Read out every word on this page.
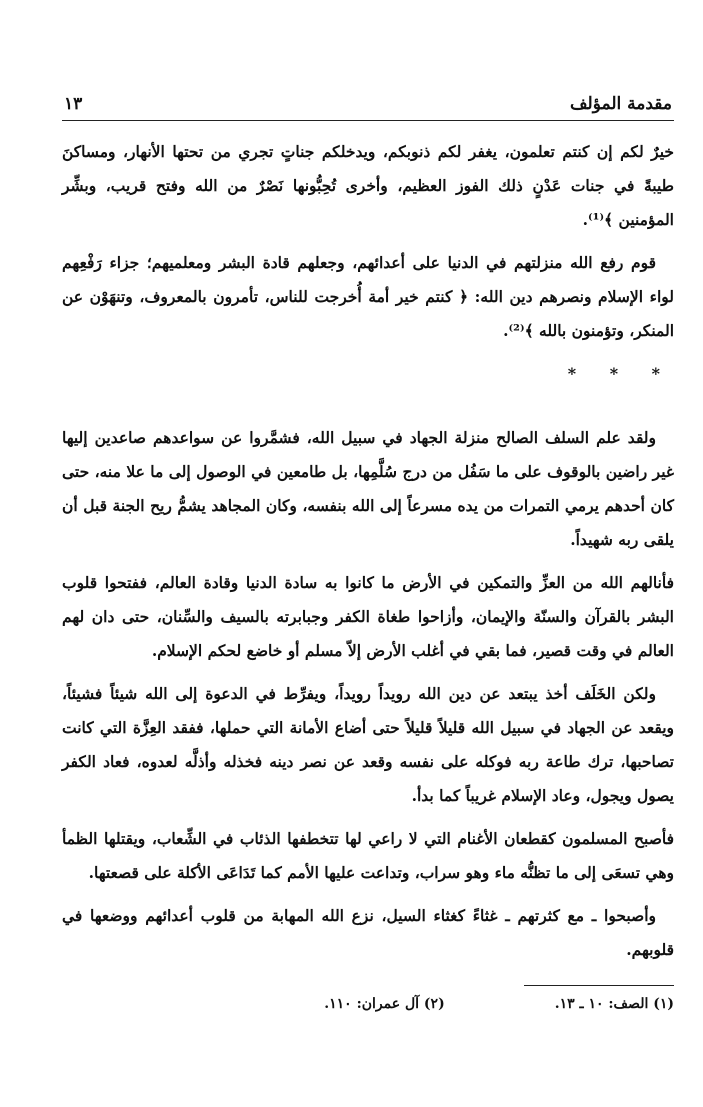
مقدمة المؤلف
١٣

خيرٌ لكم إن كنتم تعلمون، يغفر لكم ذنوبكم، ويدخلكم جناتٍ تجري من تحتها الأنهار، ومساكنَ طيبةً في جنات عَدْنٍ ذلك الفوز العظيم، وأخرى تُحِبُّونها نَصْرٌ من الله وفتح قريب، وبشِّر المؤمنين ﴾⁽¹⁾.

قوم رفع الله منزلتهم في الدنيا على أعدائهم، وجعلهم قادة البشر ومعلميهم؛ جزاء رَفْعِهم لواء الإسلام ونصرهم دين الله: ﴿ كنتم خير أمة أُخرجت للناس، تأمرون بالمعروف، وتنهَوْن عن المنكر، وتؤمنون بالله ﴾⁽²⁾.

* * *

ولقد علم السلف الصالح منزلة الجهاد في سبيل الله، فشمَّروا عن سواعدهم صاعدين إليها غير راضين بالوقوف على ما سَفُل من درج سُلَّمِها، بل طامعين في الوصول إلى ما علا منه، حتى كان أحدهم يرمي التمرات من يده مسرعاً إلى الله بنفسه، وكان المجاهد يشمُّ ريح الجنة قبل أن يلقى ربه شهيداً.

فأنالهم الله من العزِّ والتمكين في الأرض ما كانوا به سادة الدنيا وقادة العالم، ففتحوا قلوب البشر بالقرآن والسنّة والإيمان، وأزاحوا طغاة الكفر وجبابرته بالسيف والسِّنان، حتى دان لهم العالم في وقت قصير، فما بقي في أغلب الأرض إلاّ مسلم أو خاضع لحكم الإسلام.

ولكن الخَلَف أخذ يبتعد عن دين الله رويداً رويداً، ويفرِّط في الدعوة إلى الله شيئاً فشيئاً، ويقعد عن الجهاد في سبيل الله قليلاً قليلاً حتى أضاع الأمانة التي حملها، ففقد العِزَّة التي كانت تصاحبها، ترك طاعة ربه فوكله على نفسه وقعد عن نصر دينه فخذله وأذلَّه لعدوه، فعاد الكفر يصول ويجول، وعاد الإسلام غريباً كما بدأ.

فأصبح المسلمون كقطعان الأغنام التي لا راعي لها تتخطفها الذئاب في الشِّعاب، ويقتلها الظمأ وهي تسعَى إلى ما تظنُّه ماء وهو سراب، وتداعت عليها الأمم كما تَدَاعَى الأكلة على قصعتها.

وأصبحوا ـ مع كثرتهم ـ غثاءً كغثاء السيل، نزع الله المهابة من قلوب أعدائهم ووضعها في قلوبهم.

(١) الصف: ١٠ ـ ١٣.
(٢) آل عمران: ١١٠.
